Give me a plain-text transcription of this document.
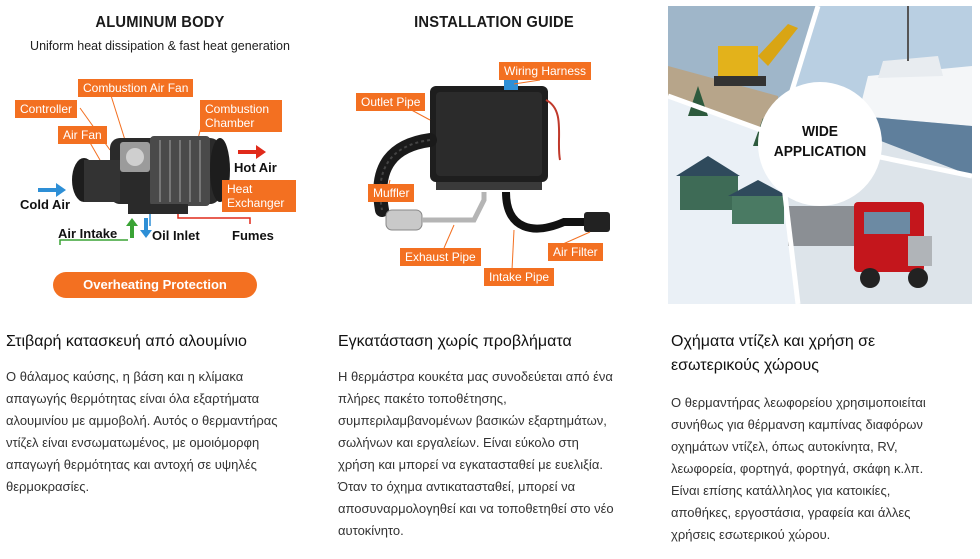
ALUMINUM BODY
Uniform heat dissipation & fast heat generation
Combustion Air Fan
Controller	Combustion Chamber
Air Fan
Hot Air
Heat Exchanger
Cold Air
Air Intake	Oil Inlet Fumes
Overheating Protection
Στιβαρή κατασκευή από αλουμίνιο
Ο θάλαμος καύσης, η βάση και η κλίμακα
απαγωγής θερμότητας είναι όλα εξαρτήματα
αλουμινίου με αμμοβολή. Αυτός ο θερμαντήρας
ντίζελ είναι ενσωματωμένος, με ομοιόμορφη
απαγωγή θερμότητας και αντοχή σε υψηλές
θερμοκρασίες.
INSTALLATION GUIDE
Wiring Harness
Outlet Pipe
Muffler
Exhaust Pipe	Air Filter
Intake Pipe
Εγκατάσταση χωρίς προβλήματα
Η θερμάστρα κουκέτα μας συνοδεύεται από ένα
πλήρες πακέτο τοποθέτησης,
συμπεριλαμβανομένων βασικών εξαρτημάτων,
σωλήνων και εργαλείων. Είναι εύκολο στη
χρήση και μπορεί να εγκατασταθεί με ευελιξία.
Όταν το όχημα αντικατασταθεί, μπορεί να
αποσυναρμολογηθεί και να τοποθετηθεί στο νέο
αυτοκίνητο.
WIDE
APPLICATION
Οχήματα ντίζελ και χρήση σε
εσωτερικούς χώρους
Ο θερμαντήρας λεωφορείου χρησιμοποιείται
συνήθως για θέρμανση καμπίνας διαφόρων
οχημάτων ντίζελ, όπως αυτοκίνητα, RV,
λεωφορεία, φορτηγά, φορτηγά, σκάφη κ.λπ.
Είναι επίσης κατάλληλος για κατοικίες,
αποθήκες, εργοστάσια, γραφεία και άλλες
χρήσεις εσωτερικού χώρου.
